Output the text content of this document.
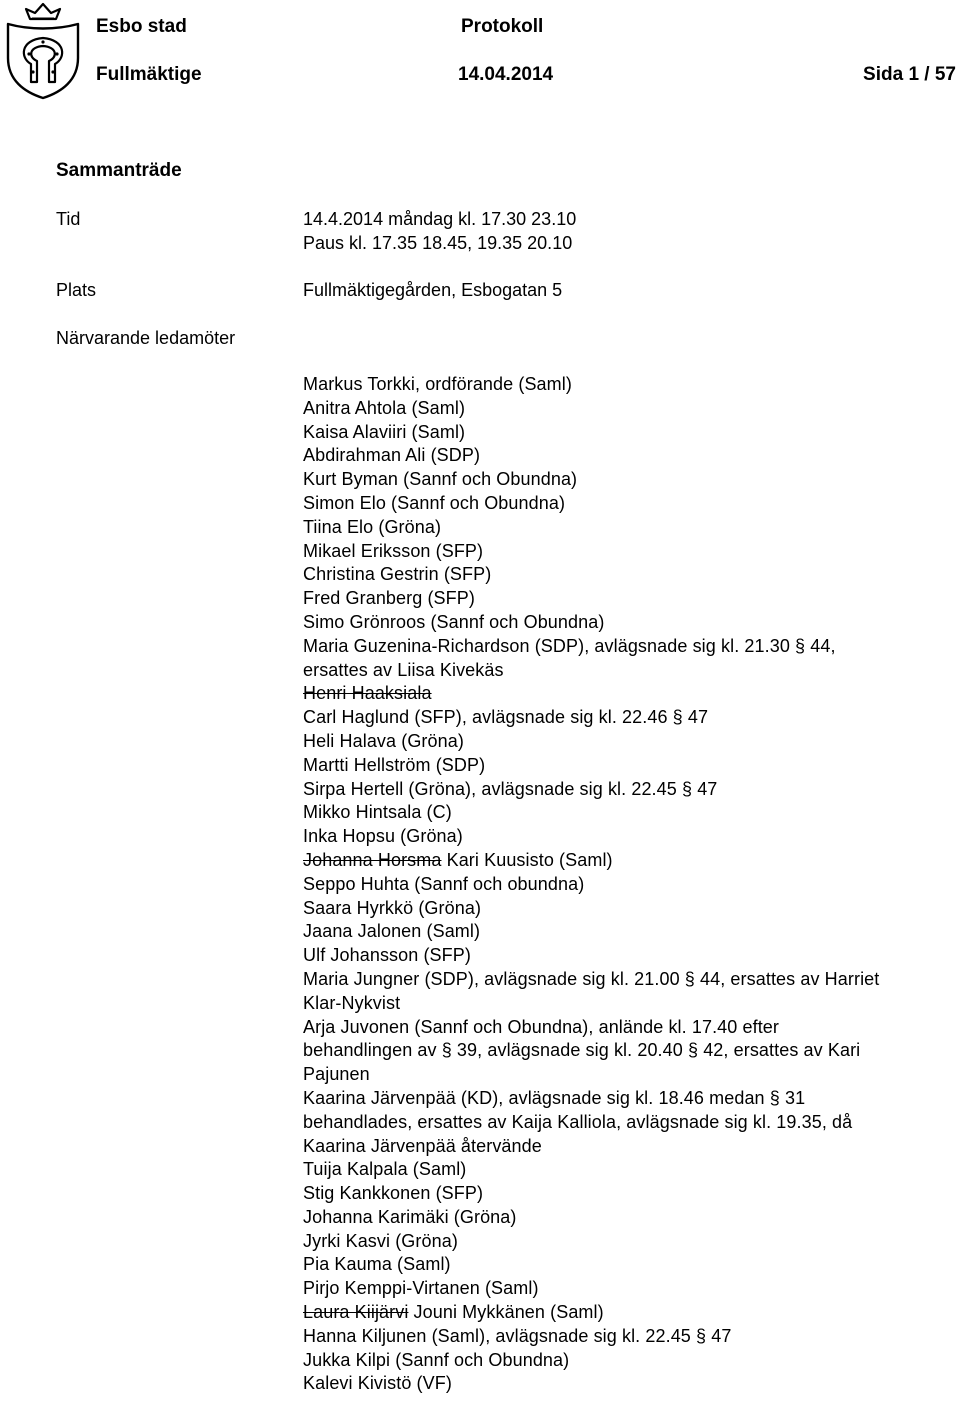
Esbo stad	Protokoll
Fullmäktige	14.04.2014	Sida 1 / 57
Sammanträde
Tid	14.4.2014 måndag kl. 17.30 23.10
Paus kl. 17.35 18.45, 19.35 20.10
Plats	Fullmäktigegården, Esbogatan 5
Närvarande ledamöter
Markus Torkki, ordförande (Saml)
Anitra Ahtola (Saml)
Kaisa Alaviiri (Saml)
Abdirahman Ali (SDP)
Kurt Byman (Sannf och Obundna)
Simon Elo (Sannf och Obundna)
Tiina Elo (Gröna)
Mikael Eriksson (SFP)
Christina Gestrin (SFP)
Fred Granberg (SFP)
Simo Grönroos (Sannf och Obundna)
Maria Guzenina-Richardson (SDP), avlägsnade sig kl. 21.30 § 44,
ersattes av Liisa Kivekäs
Henri Haaksiala
Carl Haglund (SFP), avlägsnade sig kl. 22.46 § 47
Heli Halava (Gröna)
Martti Hellström (SDP)
Sirpa Hertell (Gröna), avlägsnade sig kl. 22.45 § 47
Mikko Hintsala (C)
Inka Hopsu (Gröna)
Johanna Horsma Kari Kuusisto (Saml)
Seppo Huhta (Sannf och obundna)
Saara Hyrkkö (Gröna)
Jaana Jalonen (Saml)
Ulf Johansson (SFP)
Maria Jungner (SDP), avlägsnade sig kl. 21.00 § 44, ersattes av Harriet
Klar-Nykvist
Arja Juvonen (Sannf och Obundna), anlände kl. 17.40 efter
behandlingen av § 39, avlägsnade sig kl. 20.40 § 42, ersattes av Kari
Pajunen
Kaarina Järvenpää (KD), avlägsnade sig kl. 18.46 medan § 31
behandlades, ersattes av Kaija Kalliola, avlägsnade sig kl. 19.35, då
Kaarina Järvenpää återvände
Tuija Kalpala (Saml)
Stig Kankkonen (SFP)
Johanna Karimäki (Gröna)
Jyrki Kasvi (Gröna)
Pia Kauma (Saml)
Pirjo Kemppi-Virtanen (Saml)
Laura Kiijärvi Jouni Mykkänen (Saml)
Hanna Kiljunen (Saml), avlägsnade sig kl. 22.45 § 47
Jukka Kilpi (Sannf och Obundna)
Kalevi Kivistö (VF)
